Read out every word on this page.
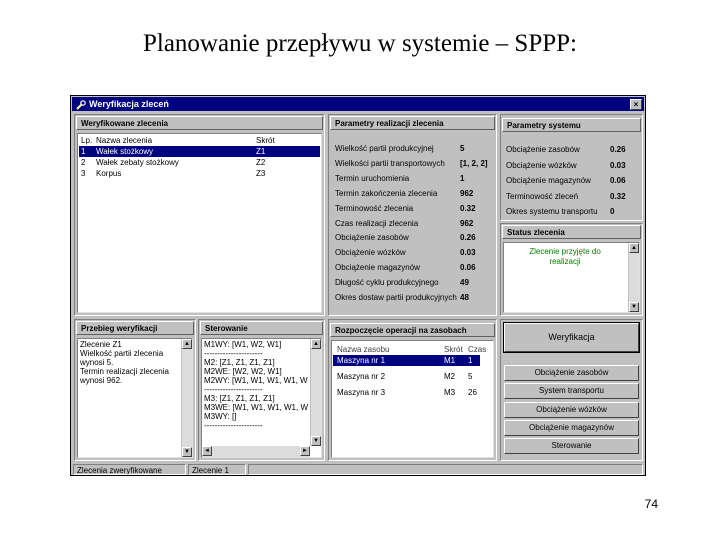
Planowanie przepływu w systemie – SPPP:
Weryfikacja zleceń	×
Weryfikowane zlecenia
Lp. Nazwa zlecenia	Skrót
1 Wałek stożkowy	Z1
2 Wałek zebaty stożkowy	Z2
3 Korpus	Z3
Parametry realizacji zlecenia
Wielkość partii produkcyjnej	5
Wielkości partii transportowych [1, 2, 2]
Termin uruchomienia	1
Termin zakończenia zlecenia	962
Terminowość zlecenia	0.32
Czas realizacji zlecenia	962
Obciążenie zasobów	0.26
Obciążenie wózków	0.03
Obciążenie magazynów	0.06
Długość cyklu produkcyjnego	49
Okres dostaw partii produkcyjnych 48
Parametry systemu
Obciążenie zasobów	0.26
Obciążenie wózków	0.03
Obciążenie magazynów 0.06
Terminowość zleceń	0.32
Okres systemu transportu 0
Status zlecenia
Zlecenie przyjęte do
realizacji
▲
▼
Przebieg weryfikacji
Zlecenie Z1
Wielkość partii zlecenia
wynosi 5.
Termin realizacji zlecenia
wynosi 962.
▲
▼
Sterowanie
M1WY: [W1, W2, W1]
----------------------
M2: [Z1, Z1, Z1, Z1]
M2WE: [W2, W2, W1]
M2WY: [W1, W1, W1, W1, W
----------------------
M3: [Z1, Z1, Z1, Z1]
M3WE: [W1, W1, W1, W1, W
M3WY: []
----------------------
▲
▼
◄	►
Rozpoczęcie operacji na zasobach
Nazwa zasobu	Skrót Czas
Maszyna nr 1	M1 1
Maszyna nr 2	M2 5
Maszyna nr 3	M3 26
Weryfikacja
Obciążenie zasobów
System transportu
Obciążenie wózków
Obciążenie magazynów
Sterowanie
Zlecenia zweryfikowane	Zlecenie 1
74
